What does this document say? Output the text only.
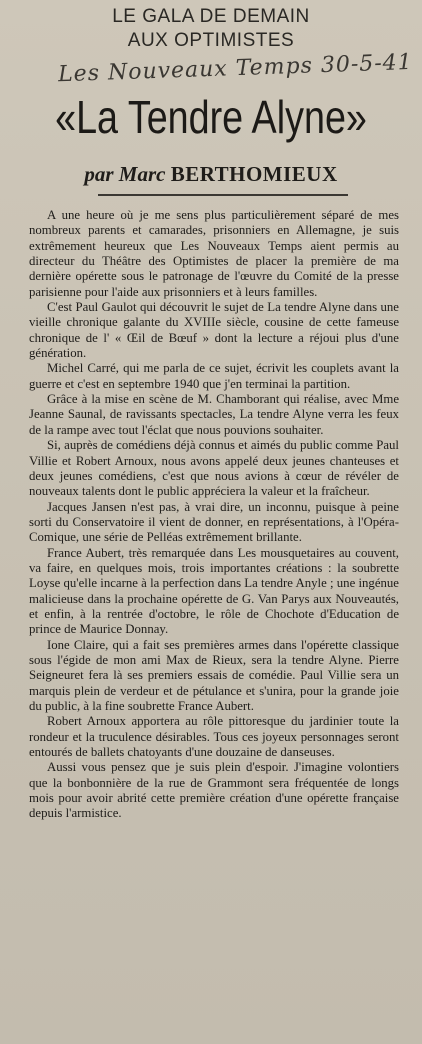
LE GALA DE DEMAIN
AUX OPTIMISTES
Les Nouveaux Temps 30-5-41
«La Tendre Alyne»
par Marc BERTHOMIEUX

A une heure où je me sens plus particulièrement séparé de mes nombreux parents et camarades, prisonniers en Allemagne, je suis extrêmement heureux que Les Nouveaux Temps aient permis au directeur du Théâtre des Optimistes de placer la première de ma dernière opérette sous le patronage de l'œuvre du Comité de la presse parisienne pour l'aide aux prisonniers et à leurs familles.

C'est Paul Gaulot qui découvrit le sujet de La tendre Alyne dans une vieille chronique galante du XVIIIe siècle, cousine de cette fameuse chronique de l' « Œil de Bœuf » dont la lecture a réjoui plus d'une génération.

Michel Carré, qui me parla de ce sujet, écrivit les couplets avant la guerre et c'est en septembre 1940 que j'en terminai la partition.

Grâce à la mise en scène de M. Chamborant qui réalise, avec Mme Jeanne Saunal, de ravissants spectacles, La tendre Alyne verra les feux de la rampe avec tout l'éclat que nous pouvions souhaiter.

Si, auprès de comédiens déjà connus et aimés du public comme Paul Villie et Robert Arnoux, nous avons appelé deux jeunes chanteuses et deux jeunes comédiens, c'est que nous avions à cœur de révéler de nouveaux talents dont le public appréciera la valeur et la fraîcheur.

Jacques Jansen n'est pas, à vrai dire, un inconnu, puisque à peine sorti du Conservatoire il vient de donner, en représentations, à l'Opéra-Comique, une série de Pelléas extrêmement brillante.

France Aubert, très remarquée dans Les mousquetaires au couvent, va faire, en quelques mois, trois importantes créations : la soubrette Loyse qu'elle incarne à la perfection dans La tendre Anyle ; une ingénue malicieuse dans la prochaine opérette de G. Van Parys aux Nouveautés, et enfin, à la rentrée d'octobre, le rôle de Chochote d'Education de prince de Maurice Donnay.

Ione Claire, qui a fait ses premières armes dans l'opérette classique sous l'égide de mon ami Max de Rieux, sera la tendre Alyne. Pierre Seigneuret fera là ses premiers essais de comédie. Paul Villie sera un marquis plein de verdeur et de pétulance et s'unira, pour la grande joie du public, à la fine soubrette France Aubert.

Robert Arnoux apportera au rôle pittoresque du jardinier toute la rondeur et la truculence désirables. Tous ces joyeux personnages seront entourés de ballets chatoyants d'une douzaine de danseuses.

Aussi vous pensez que je suis plein d'espoir. J'imagine volontiers que la bonbonnière de la rue de Grammont sera fréquentée de longs mois pour avoir abrité cette première création d'une opérette française depuis l'armistice.
